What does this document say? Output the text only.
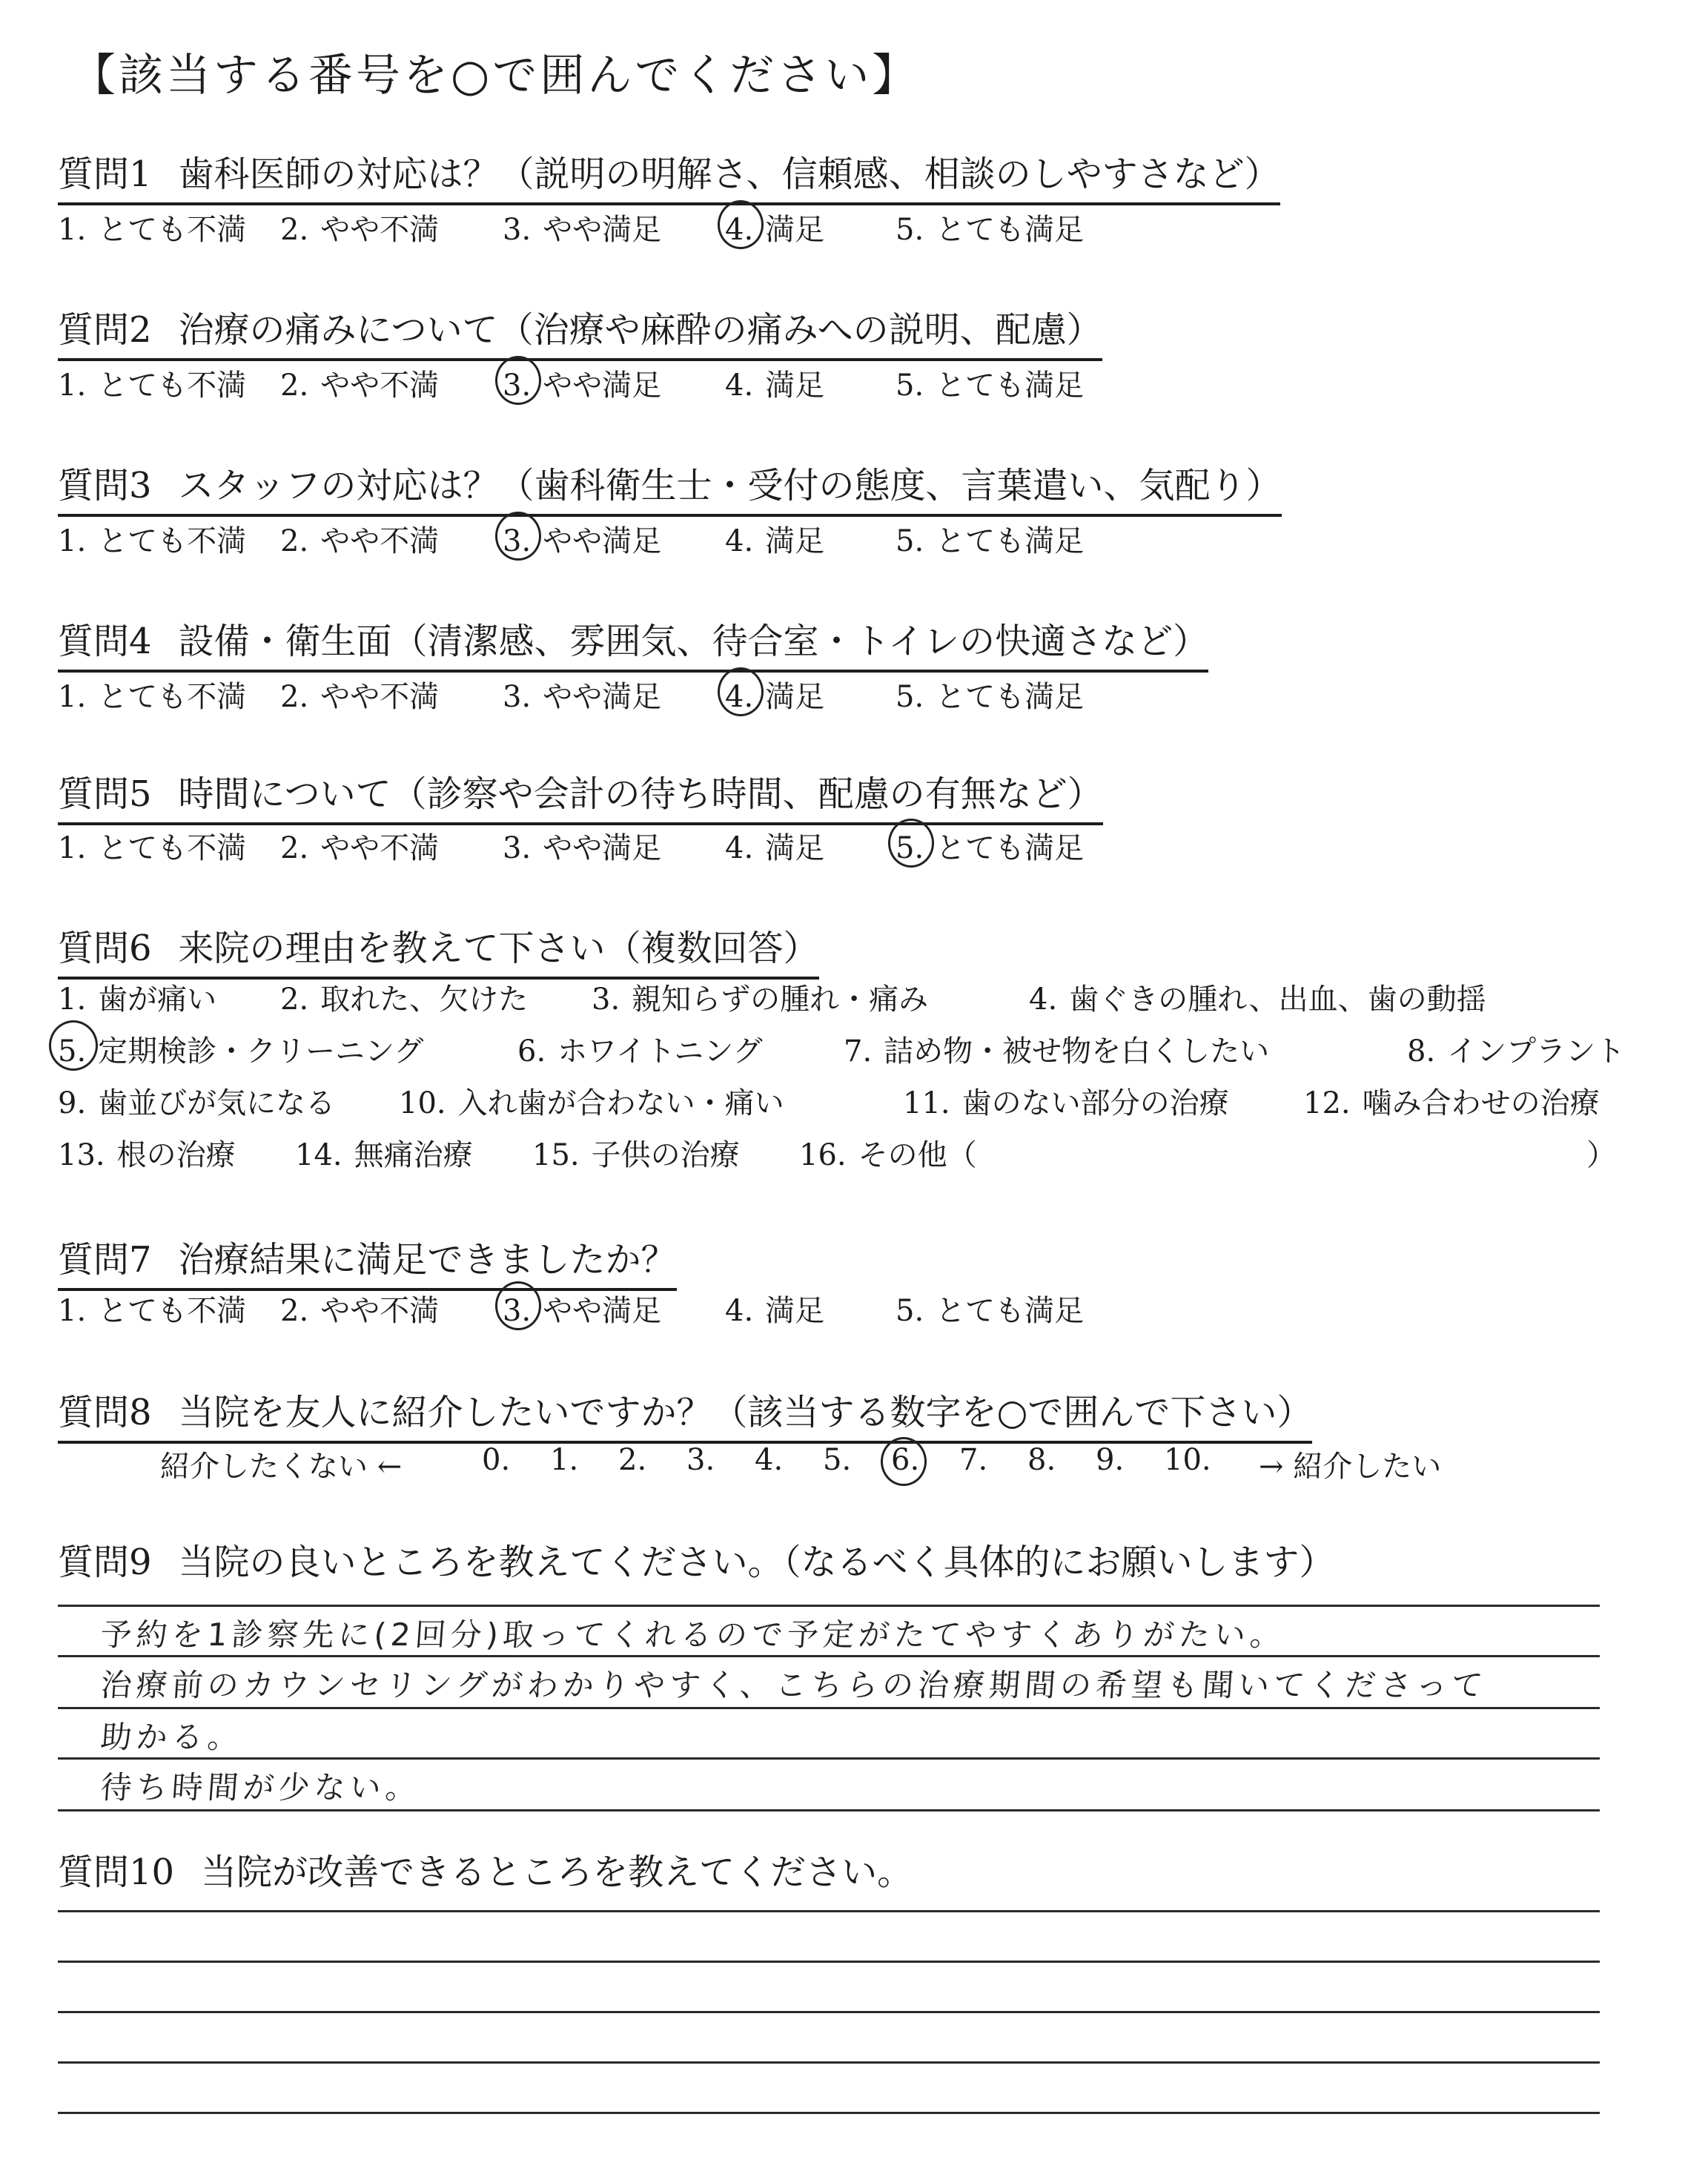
【該当する番号を○で囲んでください】
質問1 歯科医師の対応は？（説明の明解さ、信頼感、相談のしやすさなど）
1. とても不満 2. やや不満 3. やや満足 4. 満足 5. とても満足
質問2 治療の痛みについて（治療や麻酔の痛みへの説明、配慮）
1. とても不満 2. やや不満 3. やや満足 4. 満足 5. とても満足
質問3 スタッフの対応は？（歯科衛生士・受付の態度、言葉遣い、気配り）
1. とても不満 2. やや不満 3. やや満足 4. 満足 5. とても満足
質問4 設備・衛生面（清潔感、雰囲気、待合室・トイレの快適さなど）
1. とても不満 2. やや不満 3. やや満足 4. 満足 5. とても満足
質問5 時間について（診察や会計の待ち時間、配慮の有無など）
1. とても不満 2. やや不満 3. やや満足 4. 満足 5. とても満足
質問6 来院の理由を教えて下さい（複数回答）
1. 歯が痛い 2. 取れた、欠けた 3. 親知らずの腫れ・痛み	4. 歯ぐきの腫れ、出血、歯の動揺
5. 定期検診・クリーニング	6. ホワイトニング	7. 詰め物・被せ物を白くしたい	8. インプラント
9. 歯並びが気になる 10. 入れ歯が合わない・痛い	11. 歯のない部分の治療	12. 噛み合わせの治療
13. 根の治療 14. 無痛治療 15. 子供の治療 16. その他（	）
質問7 治療結果に満足できましたか？
1. とても不満 2. やや不満 3. やや満足 4. 満足 5. とても満足
質問8 当院を友人に紹介したいですか？（該当する数字を○で囲んで下さい）
紹介したくない ←	0. 1. 2. 3. 4. 5. 6. 7. 8. 9. 10. → 紹介したい
質問9 当院の良いところを教えてください。（なるべく具体的にお願いします）
予約を1診察先に(2回分)取ってくれるので予定がたてやすくありがたい。
治療前のカウンセリングがわかりやすく、こちらの治療期間の希望も聞いてくださって
助かる。
待ち時間が少ない。
質問10 当院が改善できるところを教えてください。
